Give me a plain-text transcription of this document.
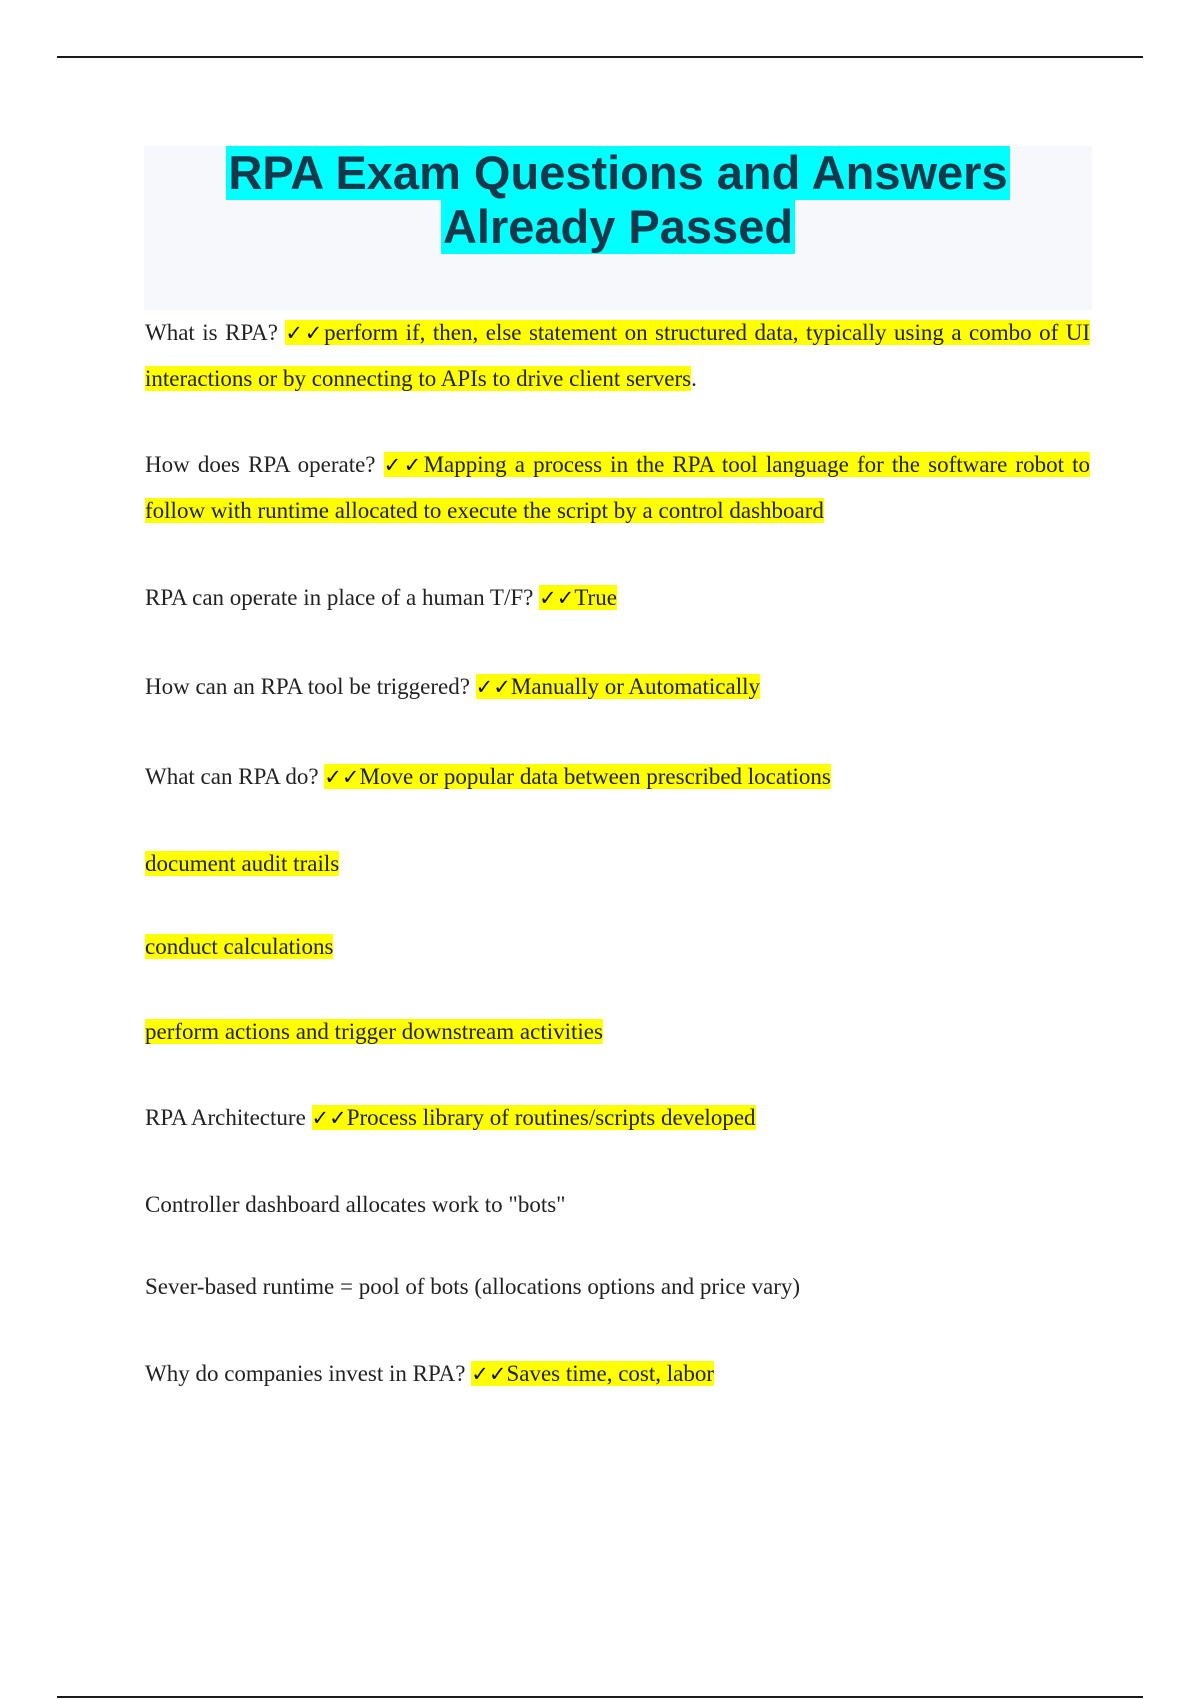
RPA Exam Questions and Answers
Already Passed

What is RPA? ✓✓perform if, then, else statement on structured data, typically using a combo of UI interactions or by connecting to APIs to drive client servers.

How does RPA operate? ✓✓Mapping a process in the RPA tool language for the software robot to follow with runtime allocated to execute the script by a control dashboard

RPA can operate in place of a human T/F? ✓✓True

How can an RPA tool be triggered? ✓✓Manually or Automatically

What can RPA do? ✓✓Move or popular data between prescribed locations

document audit trails

conduct calculations

perform actions and trigger downstream activities

RPA Architecture ✓✓Process library of routines/scripts developed

Controller dashboard allocates work to "bots"

Sever-based runtime = pool of bots (allocations options and price vary)

Why do companies invest in RPA? ✓✓Saves time, cost, labor
